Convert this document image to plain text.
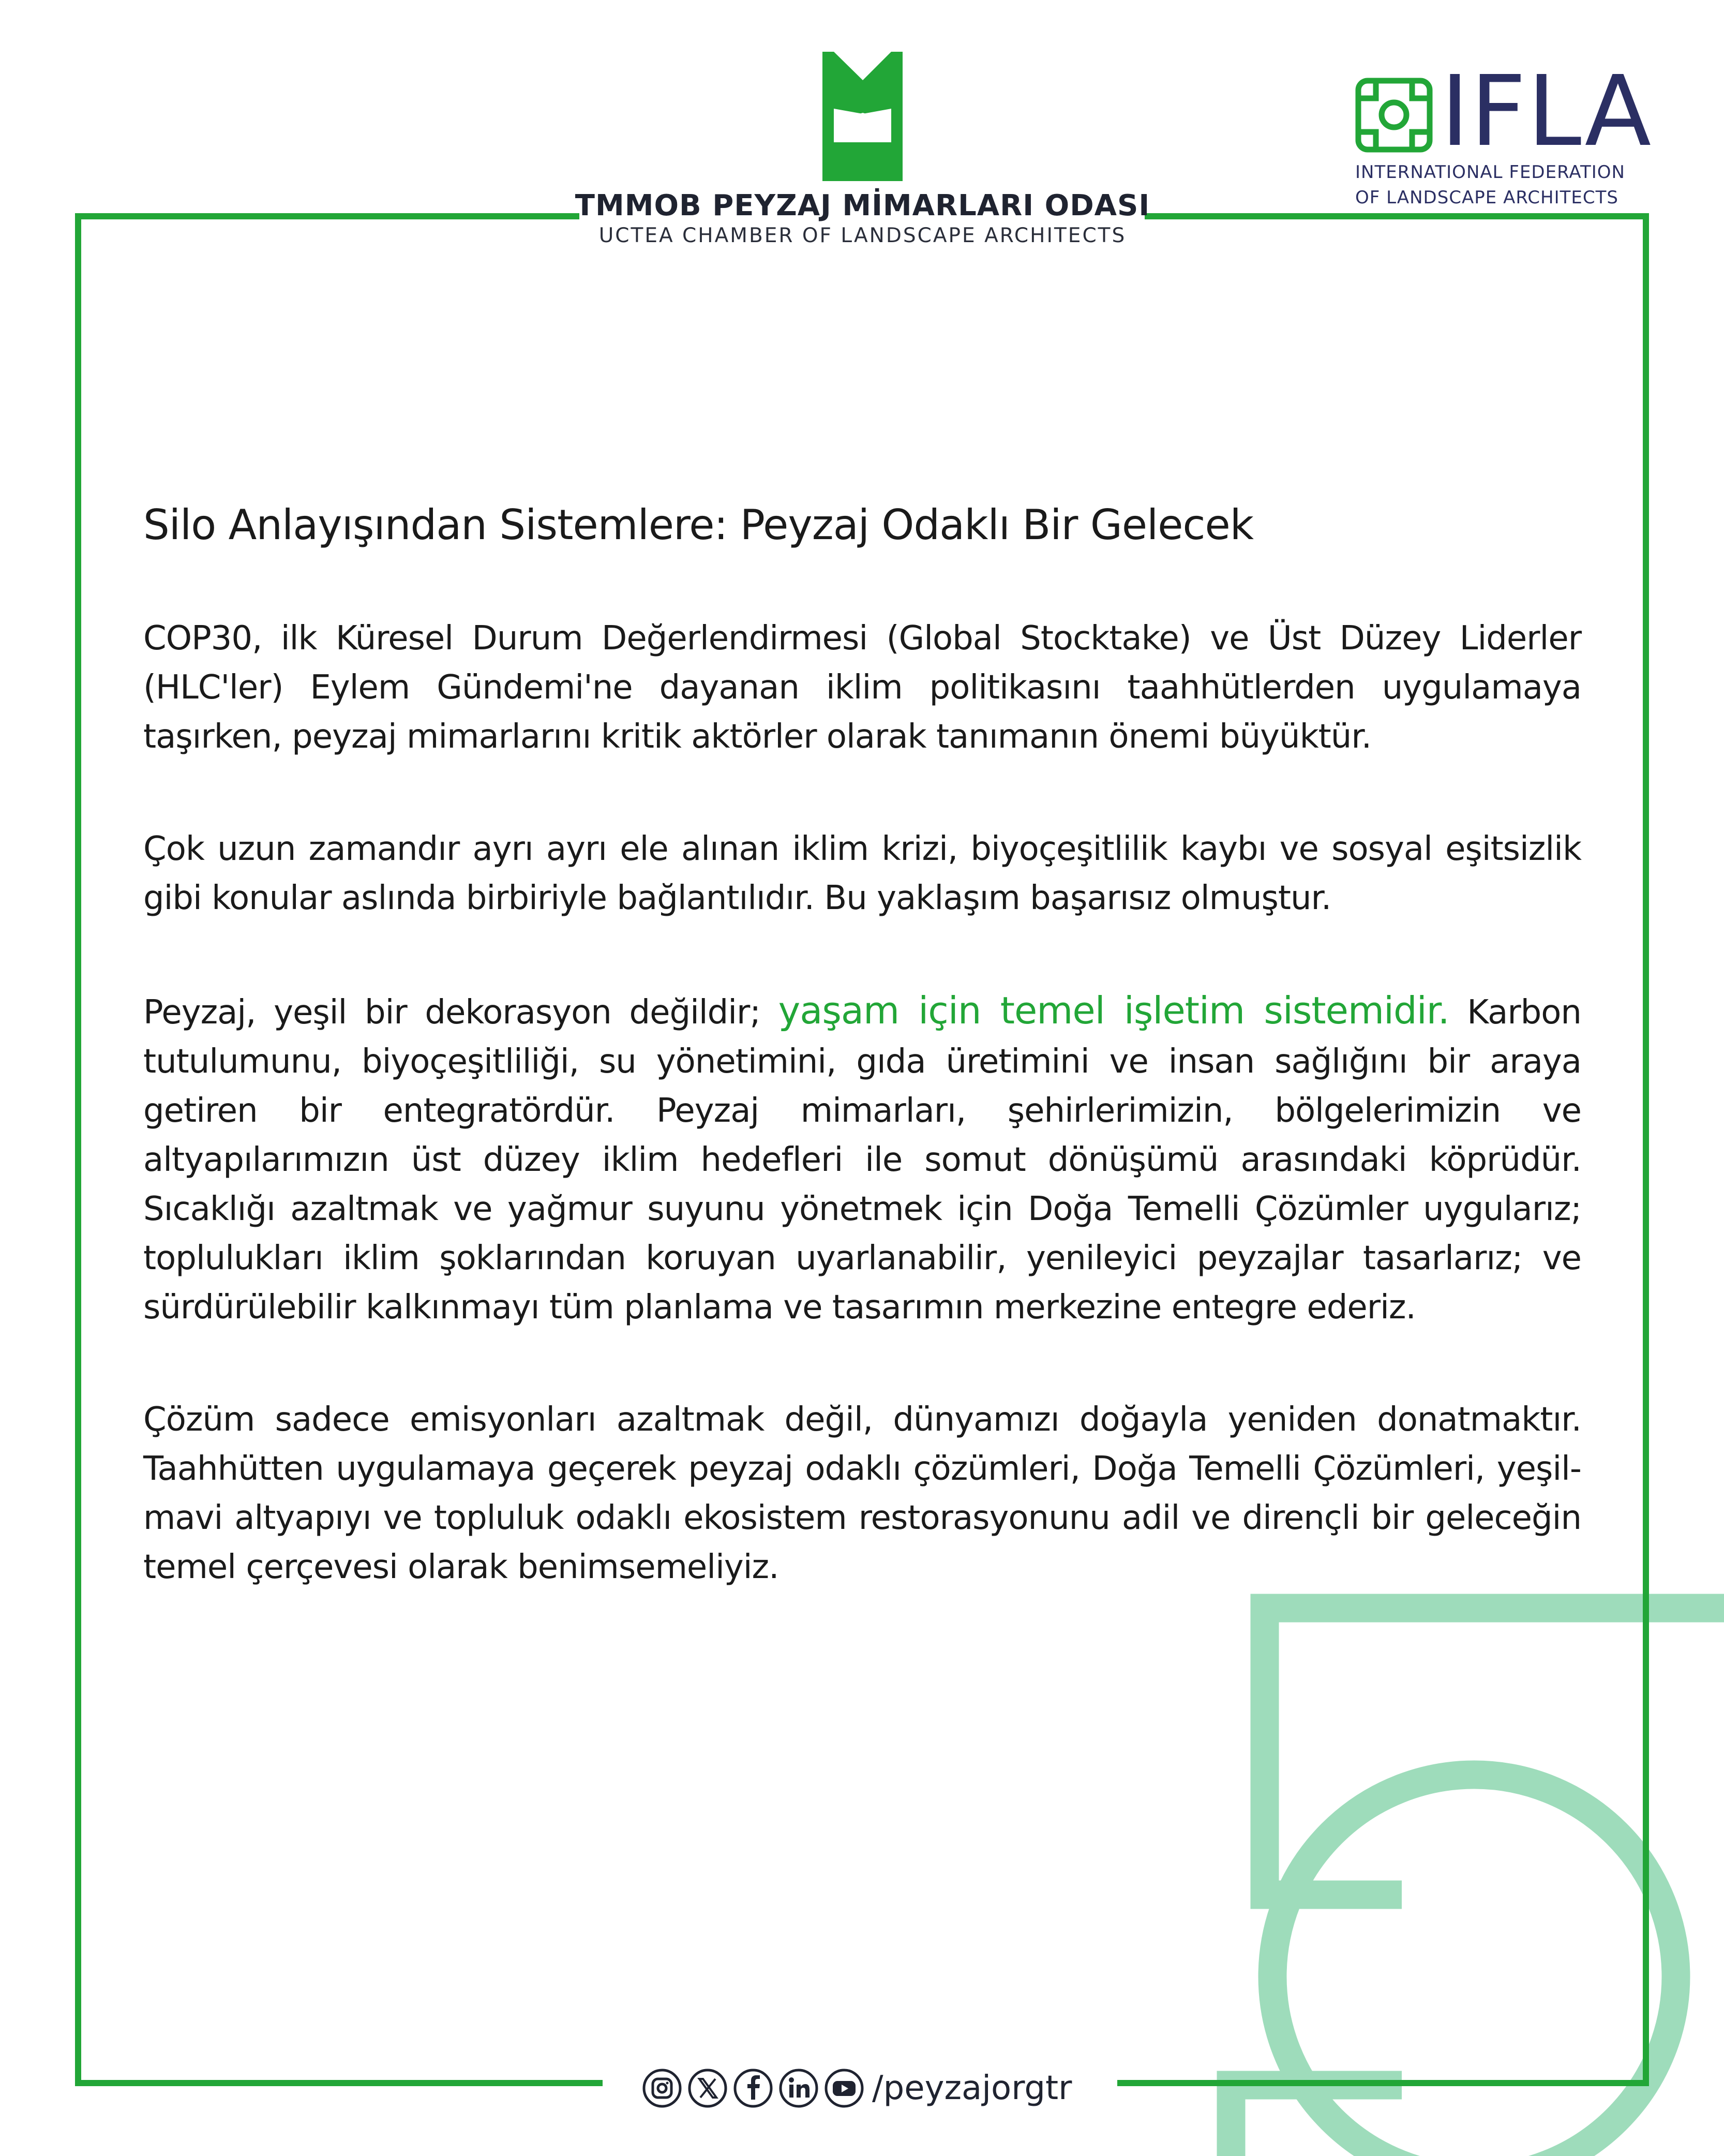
TMMOB PEYZAJ MİMARLARI ODASI
UCTEA CHAMBER OF LANDSCAPE ARCHITECTS
IFLA
INTERNATIONAL FEDERATION
OF LANDSCAPE ARCHITECTS
Silo Anlayışından Sistemlere: Peyzaj Odaklı Bir Gelecek

COP30, ilk Küresel Durum Değerlendirmesi (Global Stocktake) ve Üst Düzey Liderler (HLC'ler) Eylem Gündemi'ne dayanan iklim politikasını taahhütlerden uygulamaya taşırken, peyzaj mimarlarını kritik aktörler olarak tanımanın önemi büyüktür.

Çok uzun zamandır ayrı ayrı ele alınan iklim krizi, biyoçeşitlilik kaybı ve sosyal eşitsizlik gibi konular aslında birbiriyle bağlantılıdır. Bu yaklaşım başarısız olmuştur.

Peyzaj, yeşil bir dekorasyon değildir; yaşam için temel işletim sistemidir. Karbon tutulumunu, biyoçeşitliliği, su yönetimini, gıda üretimini ve insan sağlığını bir araya getiren bir entegratördür. Peyzaj mimarları, şehirlerimizin, bölgelerimizin ve altyapılarımızın üst düzey iklim hedefleri ile somut dönüşümü arasındaki köprüdür. Sıcaklığı azaltmak ve yağmur suyunu yönetmek için Doğa Temelli Çözümler uygularız; toplulukları iklim şoklarından koruyan uyarlanabilir, yenileyici peyzajlar tasarlarız; ve sürdürülebilir kalkınmayı tüm planlama ve tasarımın merkezine entegre ederiz.

Çözüm sadece emisyonları azaltmak değil, dünyamızı doğayla yeniden donatmaktır. Taahhütten uygulamaya geçerek peyzaj odaklı çözümleri, Doğa Temelli Çözümleri, yeşil-mavi altyapıyı ve topluluk odaklı ekosistem restorasyonunu adil ve dirençli bir geleceğin temel çerçevesi olarak benimsemeliyiz.

/peyzajorgtr
